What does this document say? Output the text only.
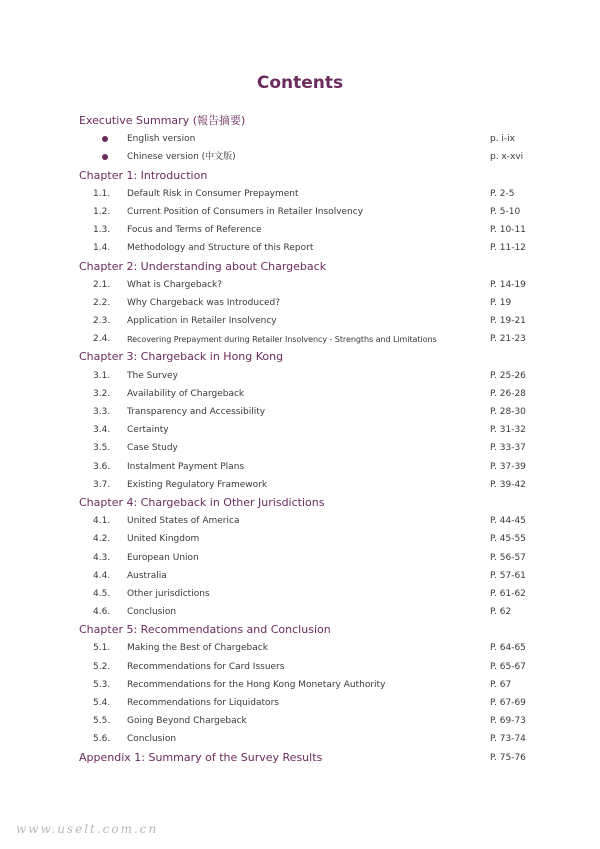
Contents
Executive Summary (報告摘要)
English version	p. i-ix
Chinese version (中文版)	p. x-xvi
Chapter 1: Introduction
1.1. Default Risk in Consumer Prepayment	P. 2-5
1.2. Current Position of Consumers in Retailer Insolvency	P. 5-10
1.3. Focus and Terms of Reference	P. 10-11
1.4. Methodology and Structure of this Report	P. 11-12
Chapter 2: Understanding about Chargeback
2.1. What is Chargeback?	P. 14-19
2.2. Why Chargeback was Introduced?	P. 19
2.3. Application in Retailer Insolvency	P. 19-21
2.4. Recovering Prepayment during Retailer Insolvency - Strengths and Limitations	P. 21-23
Chapter 3: Chargeback in Hong Kong
3.1. The Survey	P. 25-26
3.2. Availability of Chargeback	P. 26-28
3.3. Transparency and Accessibility	P. 28-30
3.4. Certainty	P. 31-32
3.5. Case Study	P. 33-37
3.6. Instalment Payment Plans	P. 37-39
3.7. Existing Regulatory Framework	P. 39-42
Chapter 4: Chargeback in Other Jurisdictions
4.1. United States of America	P. 44-45
4.2. United Kingdom	P. 45-55
4.3. European Union	P. 56-57
4.4. Australia	P. 57-61
4.5. Other jurisdictions	P. 61-62
4.6. Conclusion	P. 62
Chapter 5: Recommendations and Conclusion
5.1. Making the Best of Chargeback	P. 64-65
5.2. Recommendations for Card Issuers	P. 65-67
5.3. Recommendations for the Hong Kong Monetary Authority	P. 67
5.4. Recommendations for Liquidators	P. 67-69
5.5. Going Beyond Chargeback	P. 69-73
5.6. Conclusion	P. 73-74
Appendix 1: Summary of the Survey Results	P. 75-76
www.uselt.com.cn
